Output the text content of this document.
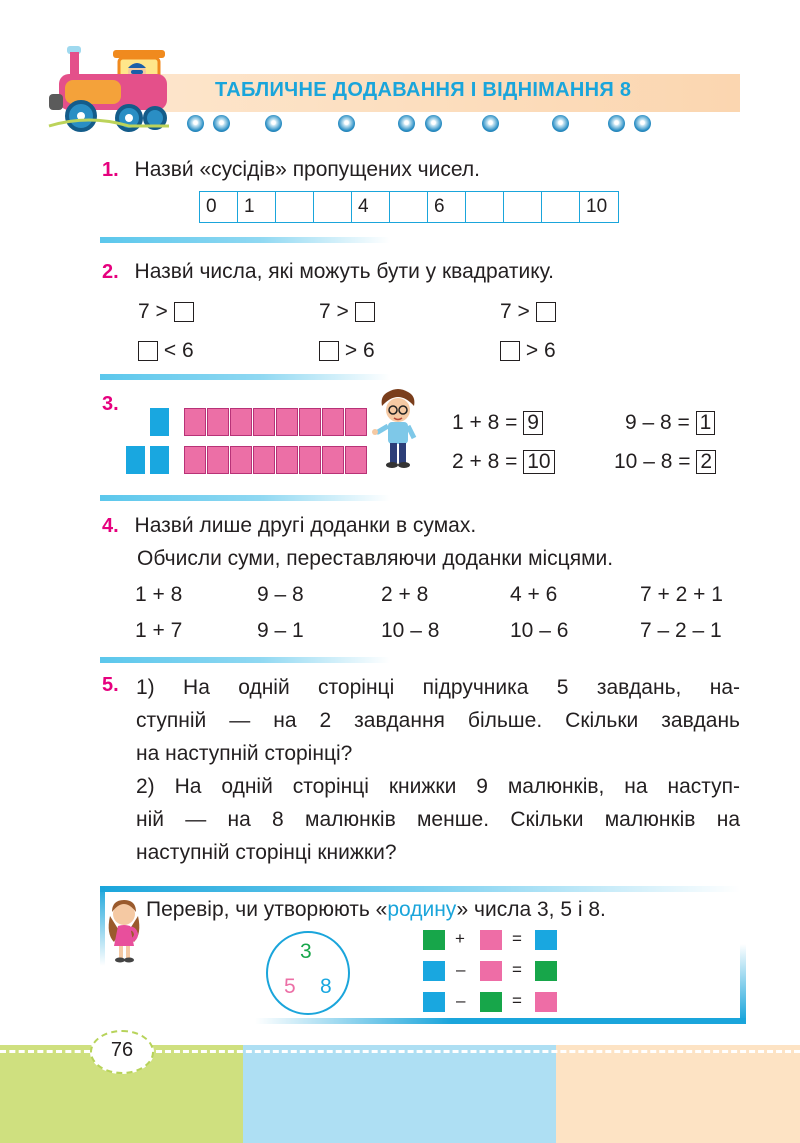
ТАБЛИЧНЕ ДОДАВАННЯ І ВІДНІМАННЯ 8
1. Назви́ «сусідів» пропущених чисел.
0	1	4	6	10
2. Назви́ числа, які можуть бути у квадратику.
7 >	7 >	7 >
< 6	> 6	> 6
3.
1 + 8 = 9
2 + 8 = 10
9 – 8 = 1
10 – 8 = 2
4. Назви́ лише другі доданки в сумах.
Обчисли суми, переставляючи доданки місцями.
1 + 8	9 – 8	2 + 8	4 + 6	7 + 2 + 1
1 + 7	9 – 1	10 – 8	10 – 6	7 – 2 – 1
5. 1) На одній сторінці підручника 5 завдань, на-
ступній — на 2 завдання більше. Скільки завдань
на наступній сторінці?
2) На одній сторінці книжки 9 малюнків, на наступ-
ній — на 8 малюнків менше. Скільки малюнків на
наступній сторінці книжки?
Перевір, чи утворюють «родину» числа 3, 5 і 8.
3
5 8
+	=
–	=
–	=
76
